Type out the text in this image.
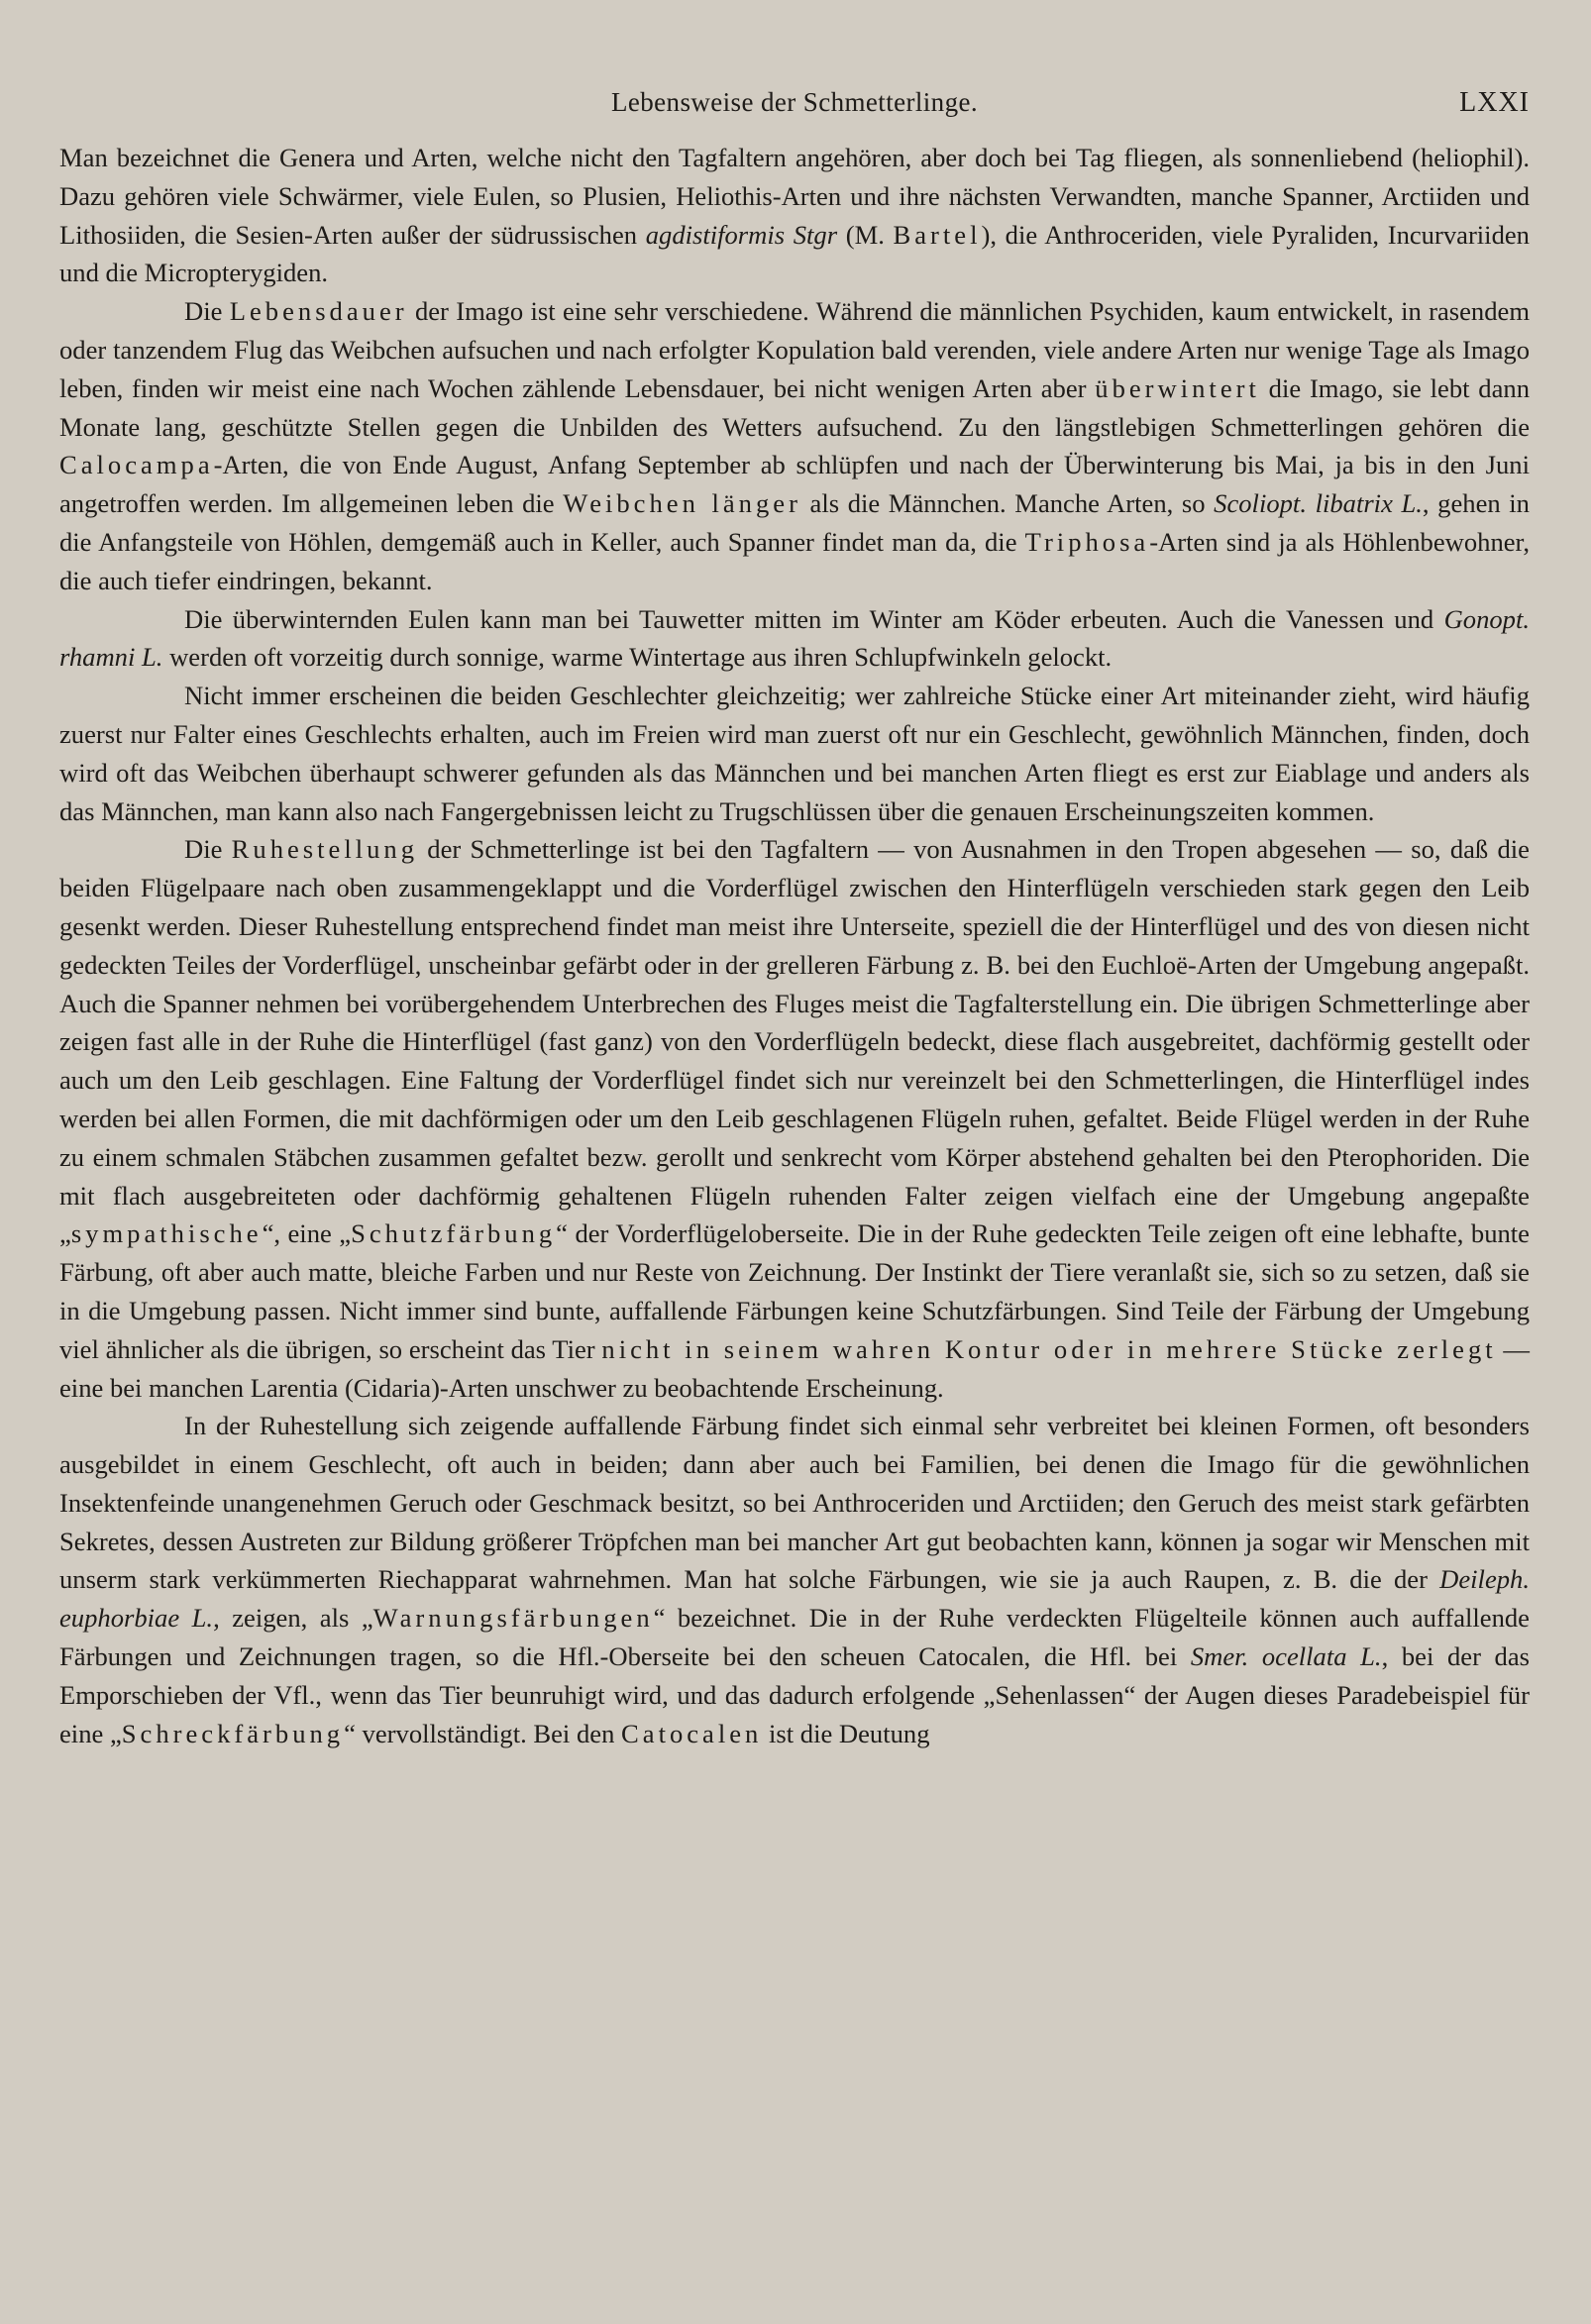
Lebensweise der Schmetterlinge.	LXXI

Man bezeichnet die Genera und Arten, welche nicht den Tagfaltern angehören, aber doch bei Tag fliegen, als sonnenliebend (heliophil). Dazu gehören viele Schwärmer, viele Eulen, so Plusien, Heliothis-Arten und ihre nächsten Verwandten, manche Spanner, Arctiiden und Lithosiiden, die Sesien-Arten außer der südrussischen agdistiformis Stgr (M. Bartel), die Anthroceriden, viele Pyraliden, Incurvariiden und die Micropterygiden.

Die Lebensdauer der Imago ist eine sehr verschiedene. Während die männlichen Psychiden, kaum entwickelt, in rasendem oder tanzendem Flug das Weibchen aufsuchen und nach erfolgter Kopulation bald verenden, viele andere Arten nur wenige Tage als Imago leben, finden wir meist eine nach Wochen zählende Lebensdauer, bei nicht wenigen Arten aber überwintert die Imago, sie lebt dann Monate lang, geschützte Stellen gegen die Unbilden des Wetters aufsuchend. Zu den längstlebigen Schmetterlingen gehören die Calocampa-Arten, die von Ende August, Anfang September ab schlüpfen und nach der Überwinterung bis Mai, ja bis in den Juni angetroffen werden. Im allgemeinen leben die Weibchen länger als die Männchen. Manche Arten, so Scoliopt. libatrix L., gehen in die Anfangsteile von Höhlen, demgemäß auch in Keller, auch Spanner findet man da, die Triphosa-Arten sind ja als Höhlenbewohner, die auch tiefer eindringen, bekannt.

Die überwinternden Eulen kann man bei Tauwetter mitten im Winter am Köder erbeuten. Auch die Vanessen und Gonopt. rhamni L. werden oft vorzeitig durch sonnige, warme Wintertage aus ihren Schlupfwinkeln gelockt.

Nicht immer erscheinen die beiden Geschlechter gleichzeitig; wer zahlreiche Stücke einer Art miteinander zieht, wird häufig zuerst nur Falter eines Geschlechts erhalten, auch im Freien wird man zuerst oft nur ein Geschlecht, gewöhnlich Männchen, finden, doch wird oft das Weibchen überhaupt schwerer gefunden als das Männchen und bei manchen Arten fliegt es erst zur Eiablage und anders als das Männchen, man kann also nach Fangergebnissen leicht zu Trugschlüssen über die genauen Erscheinungszeiten kommen.

Die Ruhestellung der Schmetterlinge ist bei den Tagfaltern — von Ausnahmen in den Tropen abgesehen — so, daß die beiden Flügelpaare nach oben zusammengeklappt und die Vorderflügel zwischen den Hinterflügeln verschieden stark gegen den Leib gesenkt werden. Dieser Ruhestellung entsprechend findet man meist ihre Unterseite, speziell die der Hinterflügel und des von diesen nicht gedeckten Teiles der Vorderflügel, unscheinbar gefärbt oder in der grelleren Färbung z. B. bei den Euchloë-Arten der Umgebung angepaßt. Auch die Spanner nehmen bei vorübergehendem Unterbrechen des Fluges meist die Tagfalterstellung ein. Die übrigen Schmetterlinge aber zeigen fast alle in der Ruhe die Hinterflügel (fast ganz) von den Vorderflügeln bedeckt, diese flach ausgebreitet, dachförmig gestellt oder auch um den Leib geschlagen. Eine Faltung der Vorderflügel findet sich nur vereinzelt bei den Schmetterlingen, die Hinterflügel indes werden bei allen Formen, die mit dachförmigen oder um den Leib geschlagenen Flügeln ruhen, gefaltet. Beide Flügel werden in der Ruhe zu einem schmalen Stäbchen zusammen gefaltet bezw. gerollt und senkrecht vom Körper abstehend gehalten bei den Pterophoriden. Die mit flach ausgebreiteten oder dachförmig gehaltenen Flügeln ruhenden Falter zeigen vielfach eine der Umgebung angepaßte „sympathische“, eine „Schutzfärbung“ der Vorderflügeloberseite. Die in der Ruhe gedeckten Teile zeigen oft eine lebhafte, bunte Färbung, oft aber auch matte, bleiche Farben und nur Reste von Zeichnung. Der Instinkt der Tiere veranlaßt sie, sich so zu setzen, daß sie in die Umgebung passen. Nicht immer sind bunte, auffallende Färbungen keine Schutzfärbungen. Sind Teile der Färbung der Umgebung viel ähnlicher als die übrigen, so erscheint das Tier nicht in seinem wahren Kontur oder in mehrere Stücke zerlegt — eine bei manchen Larentia (Cidaria)-Arten unschwer zu beobachtende Erscheinung.

In der Ruhestellung sich zeigende auffallende Färbung findet sich einmal sehr verbreitet bei kleinen Formen, oft besonders ausgebildet in einem Geschlecht, oft auch in beiden; dann aber auch bei Familien, bei denen die Imago für die gewöhnlichen Insektenfeinde unangenehmen Geruch oder Geschmack besitzt, so bei Anthroceriden und Arctiiden; den Geruch des meist stark gefärbten Sekretes, dessen Austreten zur Bildung größerer Tröpfchen man bei mancher Art gut beobachten kann, können ja sogar wir Menschen mit unserm stark verkümmerten Riechapparat wahrnehmen. Man hat solche Färbungen, wie sie ja auch Raupen, z. B. die der Deileph. euphorbiae L., zeigen, als „Warnungsfärbungen“ bezeichnet. Die in der Ruhe verdeckten Flügelteile können auch auffallende Färbungen und Zeichnungen tragen, so die Hfl.-Oberseite bei den scheuen Catocalen, die Hfl. bei Smer. ocellata L., bei der das Emporschieben der Vfl., wenn das Tier beunruhigt wird, und das dadurch erfolgende „Sehenlassen“ der Augen dieses Paradebeispiel für eine „Schreckfärbung“ vervollständigt. Bei den Catocalen ist die Deutung
